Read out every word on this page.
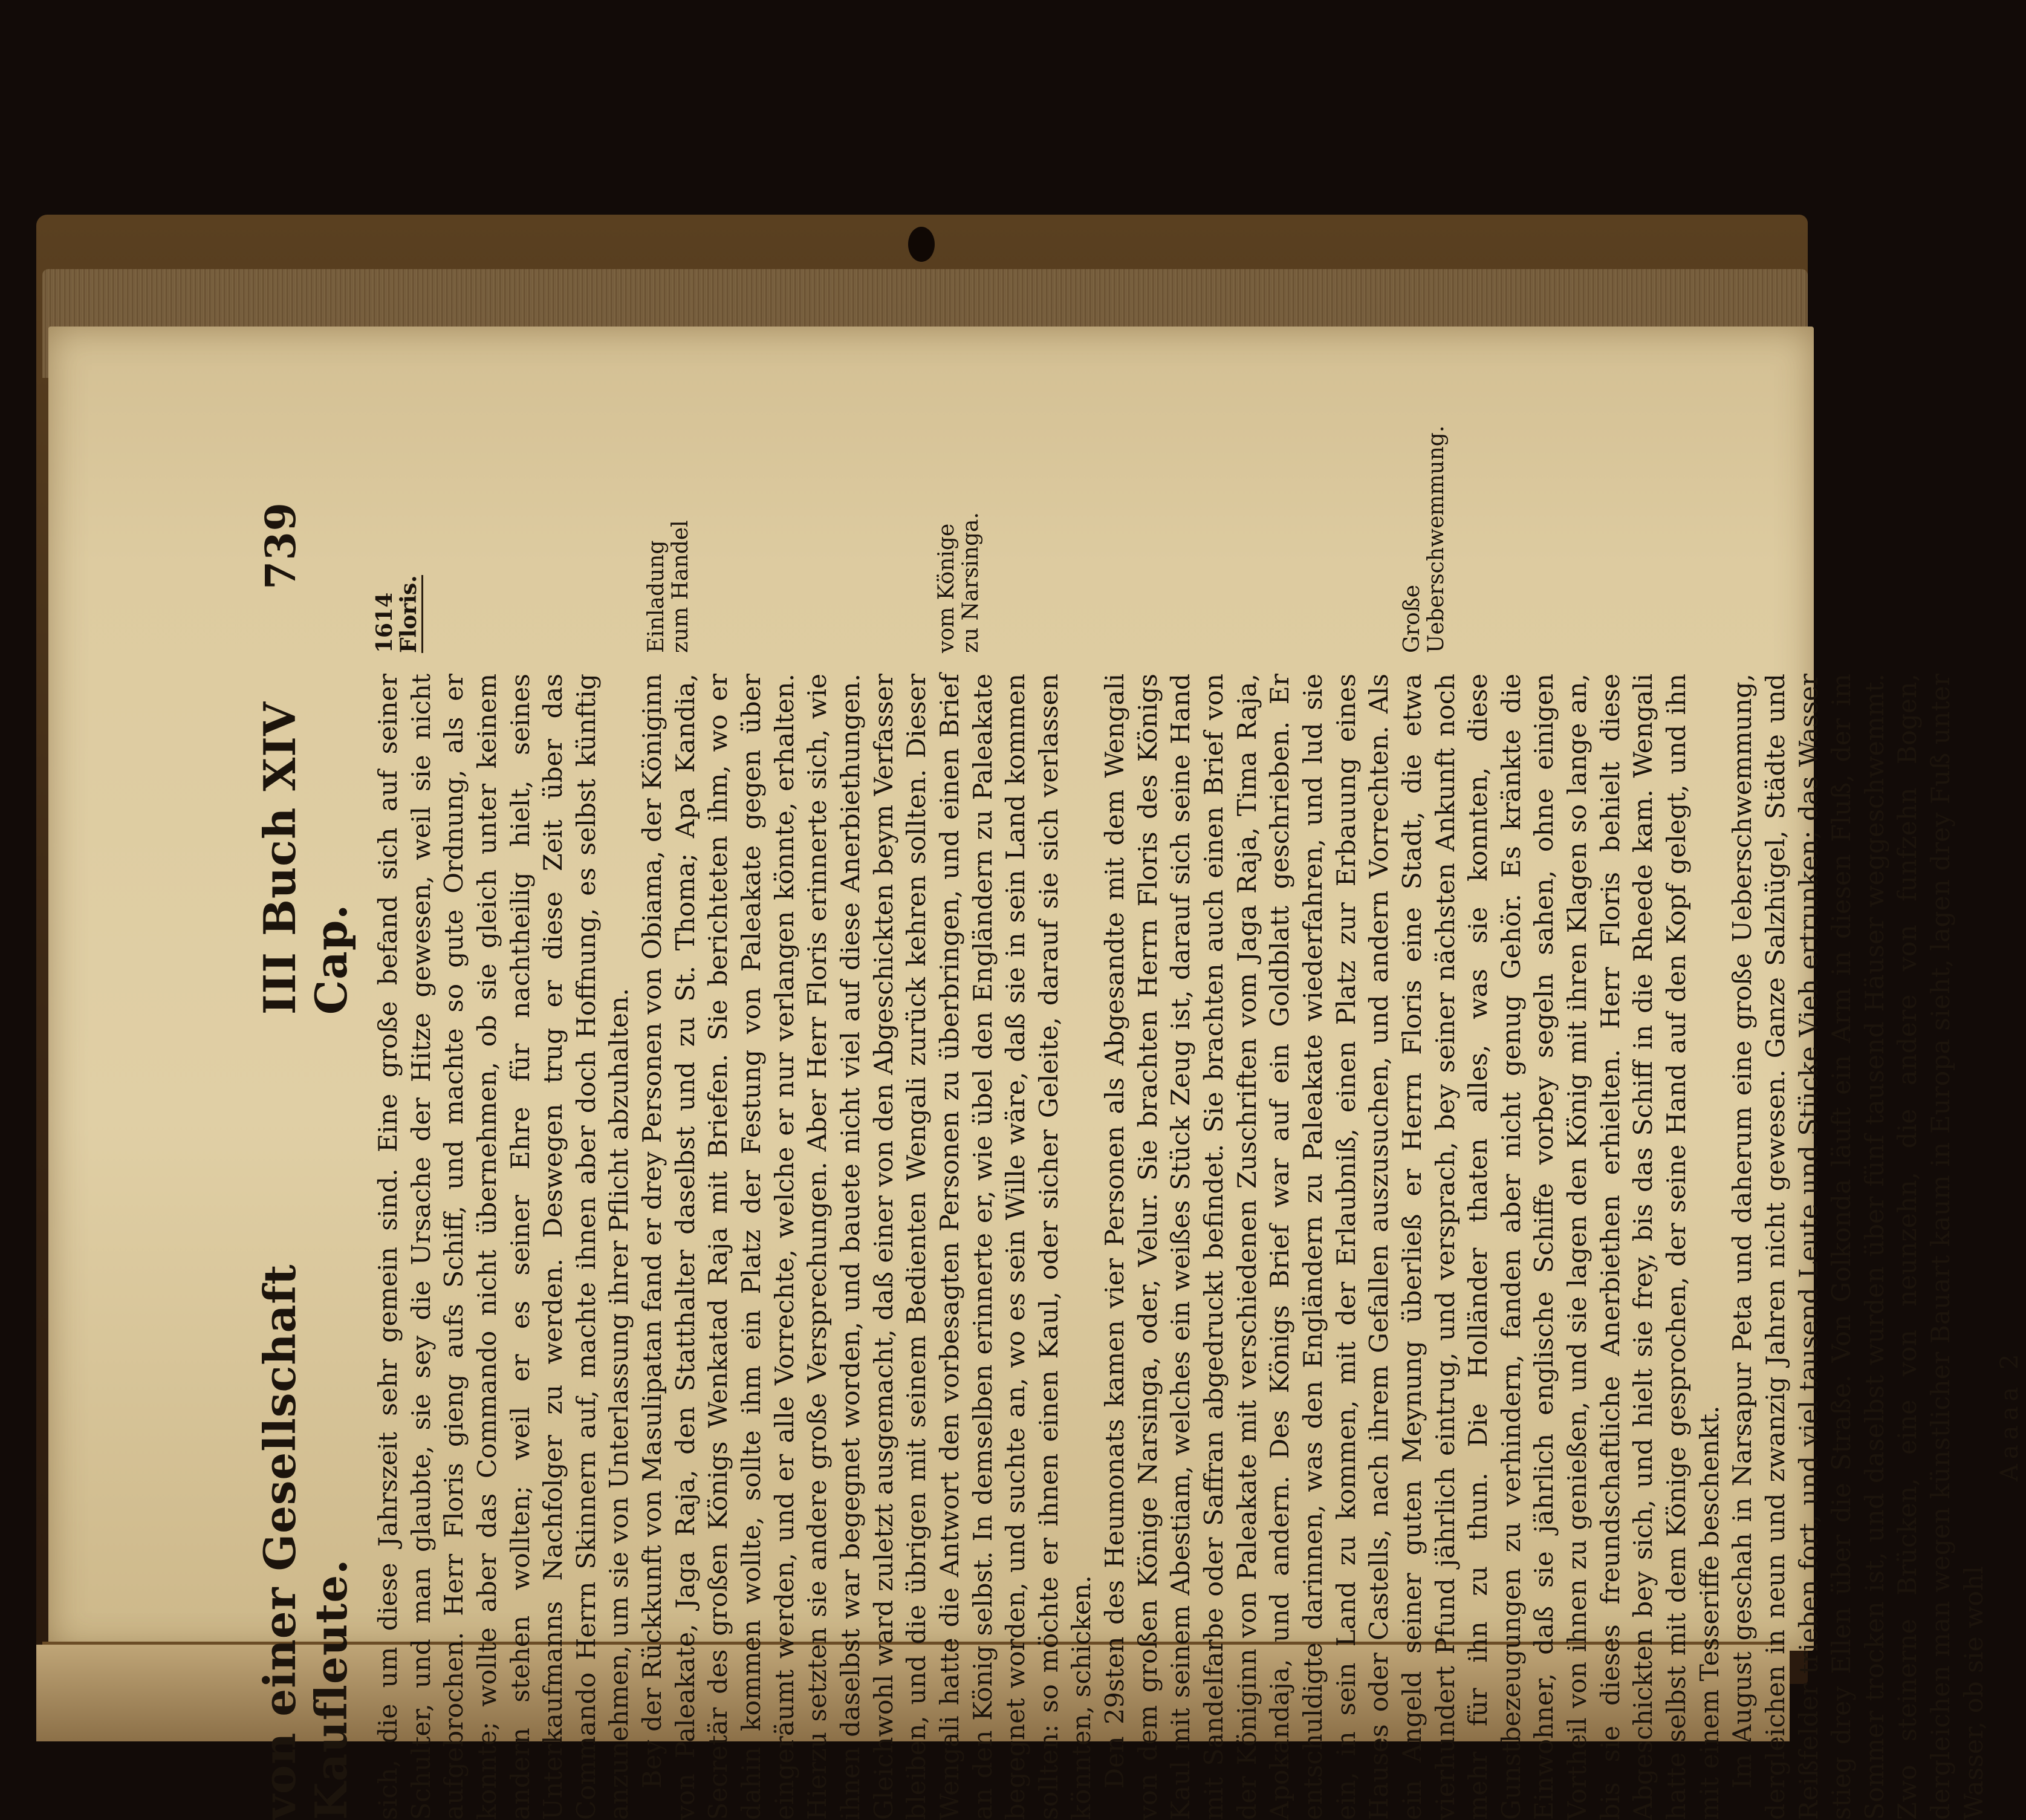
von einer Gesellschaft Kaufleute.
III Buch XIV Cap.
739

sich, die um diese Jahrszeit sehr gemein sind. Eine große befand sich auf seiner Schulter, und man glaubte, sie sey die Ursache der Hitze gewesen, weil sie nicht aufgebrochen. Herr Floris gieng aufs Schiff, und machte so gute Ordnung, als er konnte; wollte aber das Commando nicht übernehmen, ob sie gleich unter keinem andern stehen wollten; weil er es seiner Ehre für nachtheilig hielt, seines Unterkaufmanns Nachfolger zu werden. Deswegen trug er diese Zeit über das Commando Herrn Skinnern auf, machte ihnen aber doch Hoffnung, es selbst künftig anzunehmen, um sie von Unterlassung ihrer Pflicht abzuhalten. Bey der Rückkunft von Masulipatan fand er drey Personen von Obiama, der Königinn von Paleakate, Jaga Raja, den Statthalter daselbst und zu St. Thoma; Apa Kandia, Secretär des großen Königs Wenkatad Raja mit Briefen. Sie berichteten ihm, wo er dahin kommen wollte, sollte ihm ein Platz der Festung von Paleakate gegen über eingeräumt werden, und er alle Vorrechte, welche er nur verlangen könnte, erhalten. Hierzu setzten sie andere große Versprechungen. Aber Herr Floris erinnerte sich, wie ihnen daselbst war begegnet worden, und bauete nicht viel auf diese Anerbiethungen. Gleichwohl ward zuletzt ausgemacht, daß einer von den Abgeschickten beym Verfasser bleiben, und die übrigen mit seinem Bedienten Wengali zurück kehren sollten. Dieser Wengali hatte die Antwort den vorbesagten Personen zu überbringen, und einen Brief an den König selbst. In demselben erinnerte er, wie übel den Engländern zu Paleakate begegnet worden, und suchte an, wo es sein Wille wäre, daß sie in sein Land kommen sollten: so möchte er ihnen einen Kaul, oder sicher Geleite, darauf sie sich verlassen könnten, schicken. Den 29sten des Heumonats kamen vier Personen als Abgesandte mit dem Wengali von dem großen Könige Narsinga, oder, Velur. Sie brachten Herrn Floris des Königs Kaul mit seinem Abestiam, welches ein weißes Stück Zeug ist, darauf sich seine Hand mit Sandelfarbe oder Saffran abgedruckt befindet. Sie brachten auch einen Brief von der Königinn von Paleakate mit verschiedenen Zuschriften vom Jaga Raja, Tima Raja, Apokandaja, und andern. Des Königs Brief war auf ein Goldblatt geschrieben. Er entschuldigte darinnen, was den Engländern zu Paleakate wiederfahren, und lud sie ein, in sein Land zu kommen, mit der Erlaubniß, einen Platz zur Erbauung eines Hauses oder Castells, nach ihrem Gefallen auszusuchen, und andern Vorrechten. Als ein Angeld seiner guten Meynung überließ er Herrn Floris eine Stadt, die etwa vierhundert Pfund jährlich eintrug, und versprach, bey seiner nächsten Ankunft noch mehr für ihn zu thun. Die Holländer thaten alles, was sie konnten, diese Gunstbezeugungen zu verhindern, fanden aber nicht genug Gehör. Es kränkte die Einwohner, daß sie jährlich englische Schiffe vorbey segeln sahen, ohne einigen Vortheil von ihnen zu genießen, und sie lagen den König mit ihren Klagen so lange an, bis sie dieses freundschaftliche Anerbiethen erhielten. Herr Floris behielt diese Abgeschickten bey sich, und hielt sie frey, bis das Schiff in die Rheede kam. Wengali hatte selbst mit dem Könige gesprochen, der seine Hand auf den Kopf gelegt, und ihn mit einem Tesseriffe beschenkt. Im August geschah in Narsapur Peta und daherum eine große Ueberschwemmung, dergleichen in neun und zwanzig Jahren nicht gewesen. Ganze Salzhügel, Städte und Reißfelder trieben fort, und viel tausend Leute und Stücke Vieh ertrunken; das Wasser stieg drey Ellen über die Straße. Von Golkonda läuft ein Arm in diesen Fluß, der im Sommer trocken ist, und daselbst wurden über fünf tausend Häuser weggeschwemmt. Zwo steinerne Brücken, eine von neunzehn, die andere von funfzehn Bogen, dergleichen man wegen künstlicher Bauart kaum in Europa sieht, lagen drey Fuß unter Wasser, ob sie wohl

Aaaaa 2
1614
Floris.	Einladung zum Handel	vom Könige zu Narsinga.	Große Ueberschwemmung.
